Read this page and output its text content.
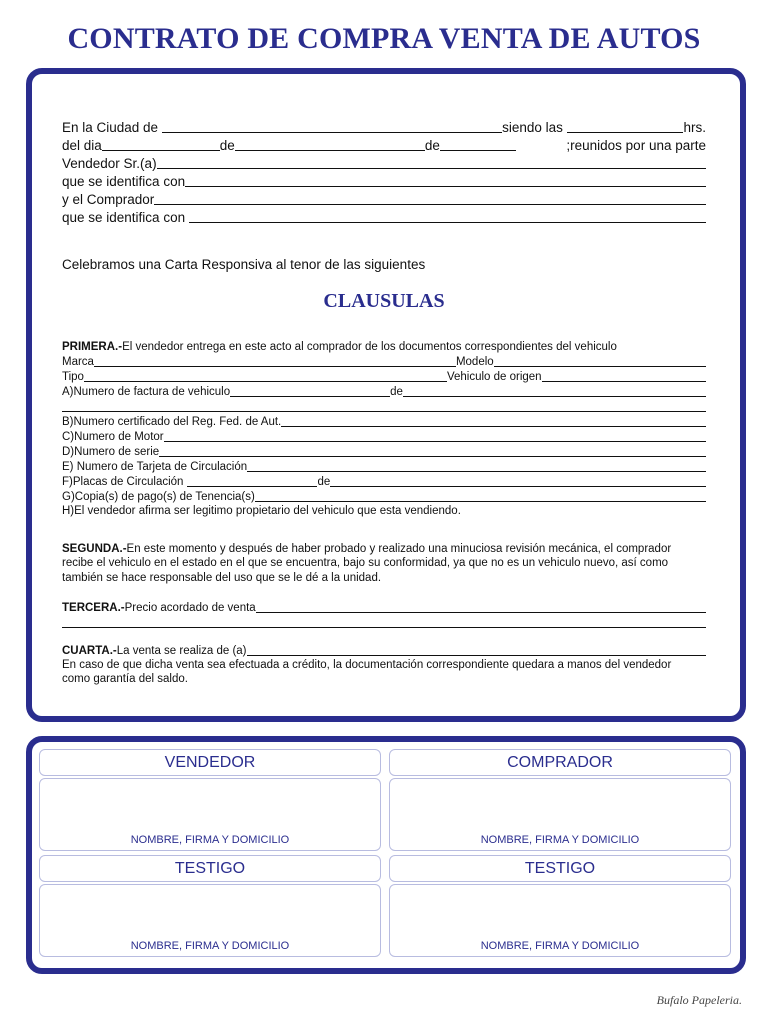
CONTRATO DE COMPRA VENTA DE AUTOS
En la Ciudad de	siendo las	hrs.
del dia	de	de	;reunidos por una parte
Vendedor Sr.(a)
que se identifica con
y el Comprador
que se identifica con
Celebramos una Carta Responsiva al tenor de las siguientes
CLAUSULAS
PRIMERA.-El vendedor entrega en este acto al comprador de los documentos correspondientes del vehiculo
Marca	Modelo
Tipo	Vehiculo de origen
A)Numero de factura de vehiculo	de
B)Numero certificado del Reg. Fed. de Aut.
C)Numero de Motor
D)Numero de serie
E) Numero de Tarjeta de Circulación
F)Placas de Circulación	de
G)Copia(s) de pago(s) de Tenencia(s)
H)El vendedor afirma ser legitimo propietario del vehiculo que esta vendiendo.
SEGUNDA.-En este momento y después de haber probado y realizado una minuciosa revisión mecánica, el comprador
recibe el vehiculo en el estado en el que se encuentra, bajo su conformidad, ya que no es un vehiculo nuevo, así como
también se hace responsable del uso que se le dé a la unidad.
TERCERA.- Precio acordado de venta
CUARTA.- La venta se realiza de (a)
En caso de que dicha venta sea efectuada a crédito, la documentación correspondiente quedara a manos del vendedor
como garantía del saldo.
VENDEDOR
NOMBRE, FIRMA Y DOMICILIO
COMPRADOR
NOMBRE, FIRMA Y DOMICILIO
TESTIGO
NOMBRE, FIRMA Y DOMICILIO
TESTIGO
NOMBRE, FIRMA Y DOMICILIO
Bufalo Papeleria.
